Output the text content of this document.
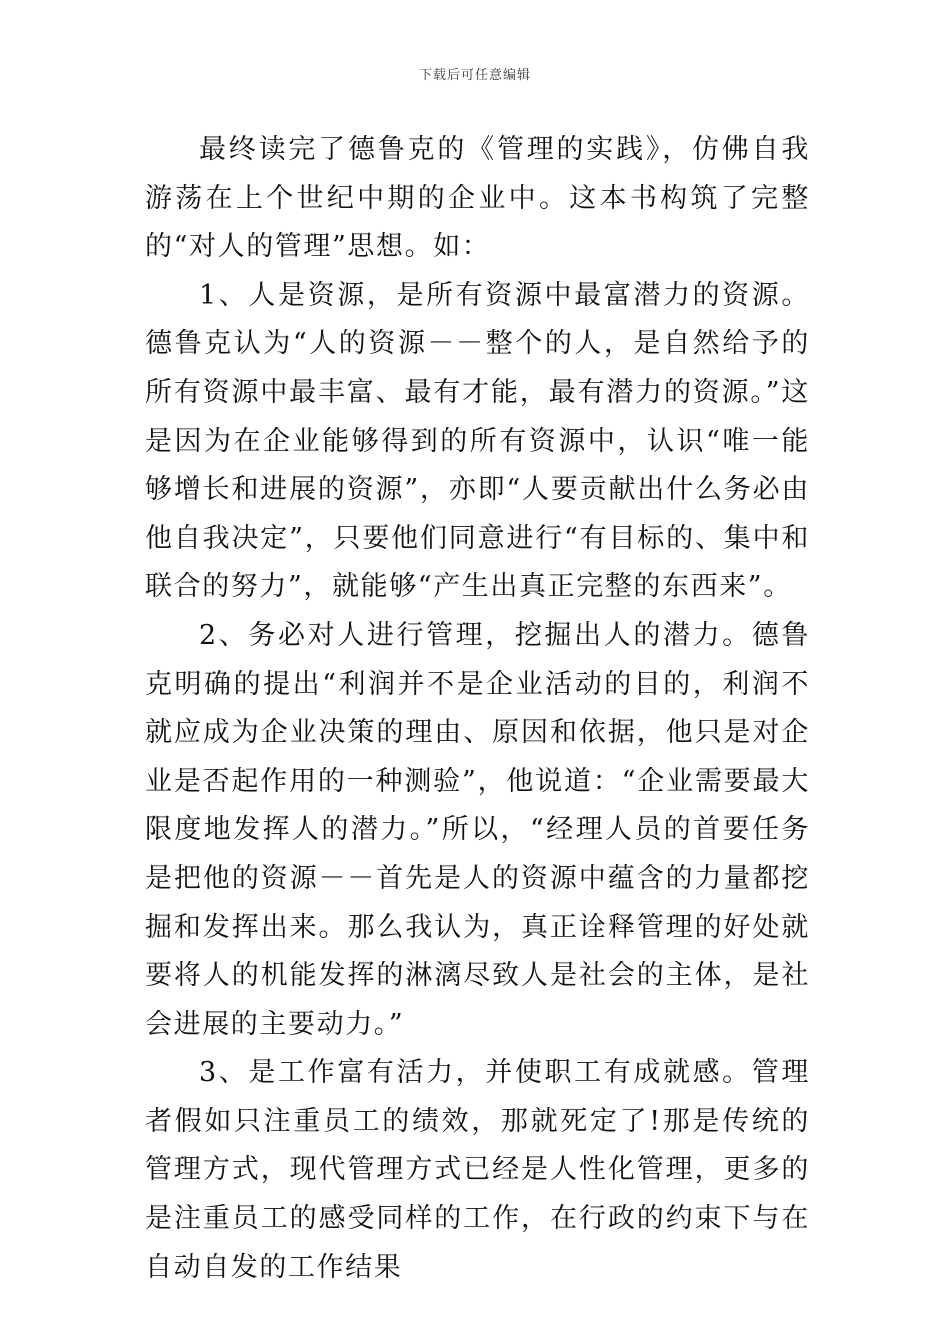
下载后可任意编辑

最终读完了德鲁克的《管理的实践》，仿佛自我游荡在上个世纪中期的企业中。这本书构筑了完整的“对人的管理”思想。如：

1、人是资源，是所有资源中最富潜力的资源。德鲁克认为“人的资源－－整个的人，是自然给予的所有资源中最丰富、最有才能，最有潜力的资源。”这是因为在企业能够得到的所有资源中，认识“唯一能够增长和进展的资源”，亦即“人要贡献出什么务必由他自我决定”，只要他们同意进行“有目标的、集中和联合的努力”，就能够“产生出真正完整的东西来”。

2、务必对人进行管理，挖掘出人的潜力。德鲁克明确的提出“利润并不是企业活动的目的，利润不就应成为企业决策的理由、原因和依据，他只是对企业是否起作用的一种测验”，他说道：“企业需要最大限度地发挥人的潜力。”所以，“经理人员的首要任务是把他的资源－－首先是人的资源中蕴含的力量都挖掘和发挥出来。那么我认为，真正诠释管理的好处就要将人的机能发挥的淋漓尽致人是社会的主体，是社会进展的主要动力。”

3、是工作富有活力，并使职工有成就感。管理者假如只注重员工的绩效，那就死定了!那是传统的管理方式，现代管理方式已经是人性化管理，更多的是注重员工的感受同样的工作，在行政的约束下与在自动自发的工作结果
